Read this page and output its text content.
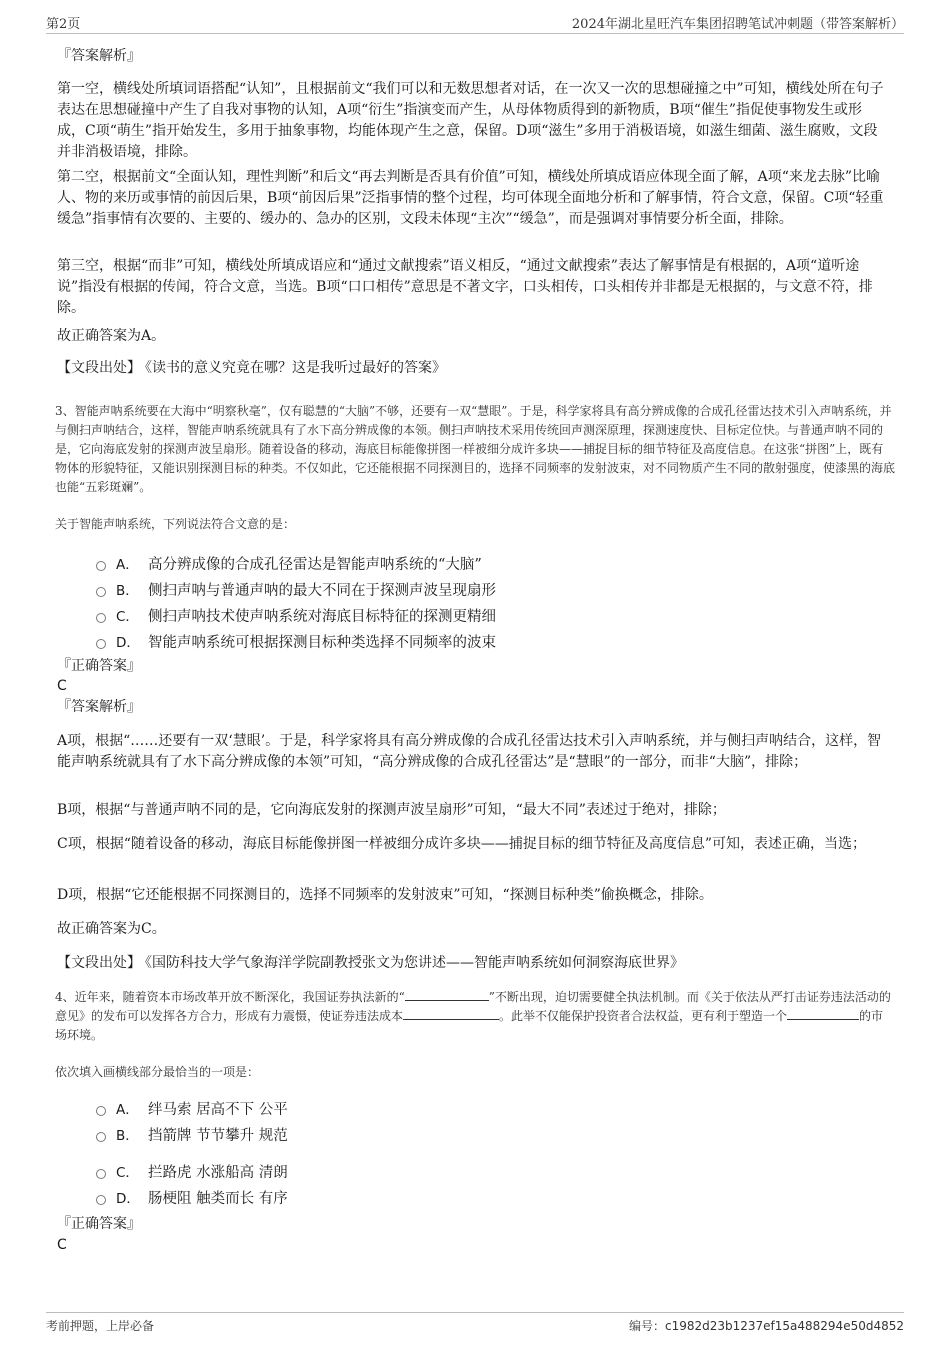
第2页	2024年湖北星旺汽车集团招聘笔试冲刺题（带答案解析）

『答案解析』

第一空，横线处所填词语搭配“认知”，且根据前文“我们可以和无数思想者对话，在一次又一次的思想碰撞之中”可知，横线处所在句子表达在思想碰撞中产生了自我对事物的认知，A项“衍生”指演变而产生，从母体物质得到的新物质，B项“催生”指促使事物发生或形成，C项“萌生”指开始发生，多用于抽象事物，均能体现产生之意，保留。D项“滋生”多用于消极语境，如滋生细菌、滋生腐败，文段并非消极语境，排除。

第二空，根据前文“全面认知，理性判断”和后文“再去判断是否具有价值”可知，横线处所填成语应体现全面了解，A项“来龙去脉”比喻人、物的来历或事情的前因后果，B项“前因后果”泛指事情的整个过程，均可体现全面地分析和了解事情，符合文意，保留。C项“轻重缓急”指事情有次要的、主要的、缓办的、急办的区别，文段未体现“主次”“缓急”，而是强调对事情要分析全面，排除。

第三空，根据“而非”可知，横线处所填成语应和“通过文献搜索”语义相反，“通过文献搜索”表达了解事情是有根据的，A项“道听途说”指没有根据的传闻，符合文意，当选。B项“口口相传”意思是不著文字，口头相传，口头相传并非都是无根据的，与文意不符，排除。

故正确答案为A。

【文段出处】 《读书的意义究竟在哪？这是我听过最好的答案》

3、智能声呐系统要在大海中“明察秋毫”，仅有聪慧的“大脑”不够，还要有一双“慧眼”。于是，科学家将具有高分辨成像的合成孔径雷达技术引入声呐系统，并与侧扫声呐结合，这样，智能声呐系统就具有了水下高分辨成像的本领。侧扫声呐技术采用传统回声测深原理，探测速度快、目标定位快。与普通声呐不同的是，它向海底发射的探测声波呈扇形。随着设备的移动，海底目标能像拼图一样被细分成许多块——捕捉目标的细节特征及高度信息。在这张“拼图”上，既有物体的形貌特征，又能识别探测目标的种类。不仅如此，它还能根据不同探测目的，选择不同频率的发射波束，对不同物质产生不同的散射强度，使漆黑的海底也能“五彩斑斓”。

关于智能声呐系统，下列说法符合文意的是：

A． 高分辨成像的合成孔径雷达是智能声呐系统的“大脑”
B． 侧扫声呐与普通声呐的最大不同在于探测声波呈现扇形
C． 侧扫声呐技术使声呐系统对海底目标特征的探测更精细
D． 智能声呐系统可根据探测目标种类选择不同频率的波束

『正确答案』

C

『答案解析』

A项，根据“……还要有一双‘慧眼’。于是，科学家将具有高分辨成像的合成孔径雷达技术引入声呐系统，并与侧扫声呐结合，这样，智能声呐系统就具有了水下高分辨成像的本领”可知，“高分辨成像的合成孔径雷达”是“慧眼”的一部分，而非“大脑”，排除；

B项，根据“与普通声呐不同的是，它向海底发射的探测声波呈扇形”可知，“最大不同”表述过于绝对，排除；

C项，根据“随着设备的移动，海底目标能像拼图一样被细分成许多块——捕捉目标的细节特征及高度信息”可知，表述正确，当选；

D项，根据“它还能根据不同探测目的，选择不同频率的发射波束”可知，“探测目标种类”偷换概念，排除。

故正确答案为C。

【文段出处】 《国防科技大学气象海洋学院副教授张文为您讲述——智能声呐系统如何洞察海底世界》

4、近年来，随着资本市场改革开放不断深化，我国证券执法新的“	”不断出现，迫切需要健全执法机制。而《关于依法从严打击证券违法活动的意见》的发布可以发挥各方合力，形成有力震慑，使证券违法成本	。此举不仅能保护投资者合法权益，更有利于塑造一个	的市场环境。

依次填入画横线部分最恰当的一项是：

A． 绊马索 居高不下 公平
B． 挡箭牌 节节攀升 规范
C． 拦路虎 水涨船高 清朗
D． 肠梗阻 触类而长 有序

『正确答案』

C

考前押题，上岸必备	编号：c1982d23b1237ef15a488294e50d4852
